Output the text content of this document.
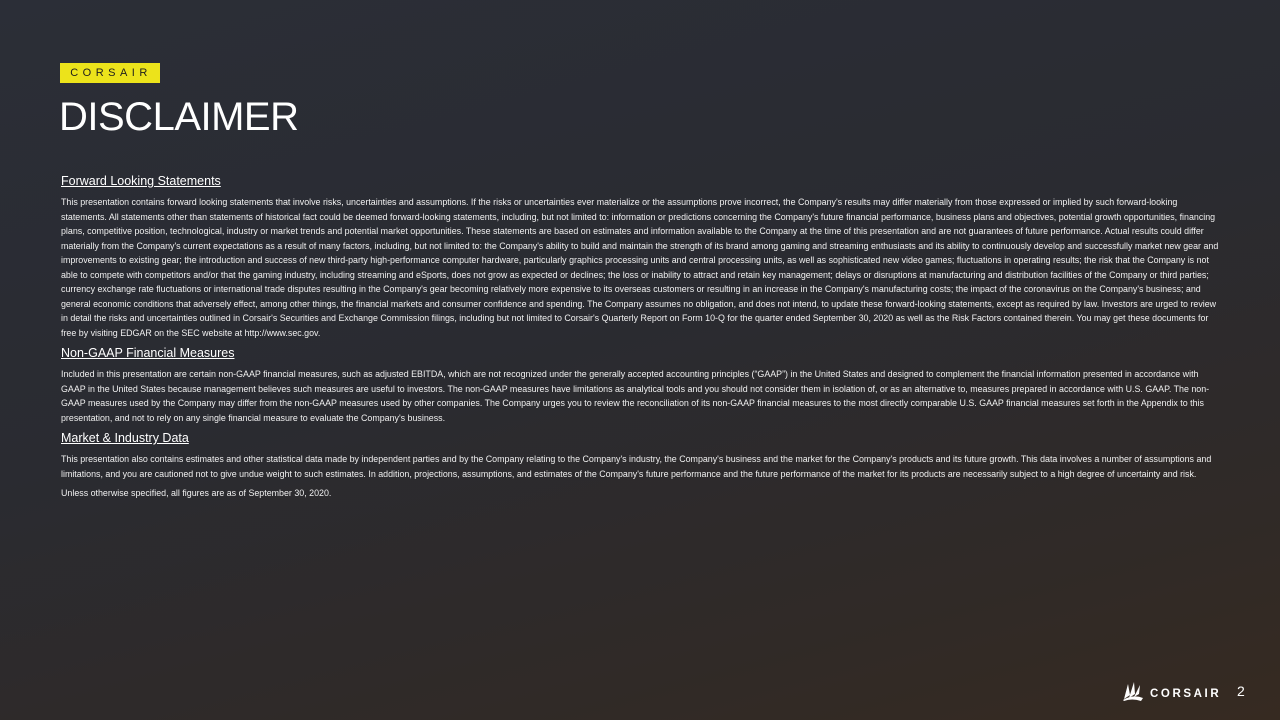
CORSAIR
DISCLAIMER

Forward Looking Statements

This presentation contains forward looking statements that involve risks, uncertainties and assumptions. If the risks or uncertainties ever materialize or the assumptions prove incorrect, the Company's results may differ materially from those expressed or implied by such forward-looking statements. All statements other than statements of historical fact could be deemed forward-looking statements, including, but not limited to: information or predictions concerning the Company's future financial performance, business plans and objectives, potential growth opportunities, financing plans, competitive position, technological, industry or market trends and potential market opportunities. These statements are based on estimates and information available to the Company at the time of this presentation and are not guarantees of future performance. Actual results could differ materially from the Company's current expectations as a result of many factors, including, but not limited to: the Company's ability to build and maintain the strength of its brand among gaming and streaming enthusiasts and its ability to continuously develop and successfully market new gear and improvements to existing gear; the introduction and success of new third-party high-performance computer hardware, particularly graphics processing units and central processing units, as well as sophisticated new video games; fluctuations in operating results; the risk that the Company is not able to compete with competitors and/or that the gaming industry, including streaming and eSports, does not grow as expected or declines; the loss or inability to attract and retain key management; delays or disruptions at manufacturing and distribution facilities of the Company or third parties; currency exchange rate fluctuations or international trade disputes resulting in the Company's gear becoming relatively more expensive to its overseas customers or resulting in an increase in the Company's manufacturing costs; the impact of the coronavirus on the Company's business; and general economic conditions that adversely effect, among other things, the financial markets and consumer confidence and spending. The Company assumes no obligation, and does not intend, to update these forward-looking statements, except as required by law. Investors are urged to review in detail the risks and uncertainties outlined in Corsair's Securities and Exchange Commission filings, including but not limited to Corsair's Quarterly Report on Form 10-Q for the quarter ended September 30, 2020 as well as the Risk Factors contained therein. You may get these documents for free by visiting EDGAR on the SEC website at http://www.sec.gov.

Non-GAAP Financial Measures

Included in this presentation are certain non-GAAP financial measures, such as adjusted EBITDA, which are not recognized under the generally accepted accounting principles (“GAAP”) in the United States and designed to complement the financial information presented in accordance with GAAP in the United States because management believes such measures are useful to investors. The non-GAAP measures have limitations as analytical tools and you should not consider them in isolation of, or as an alternative to, measures prepared in accordance with U.S. GAAP. The non-GAAP measures used by the Company may differ from the non-GAAP measures used by other companies. The Company urges you to review the reconciliation of its non-GAAP financial measures to the most directly comparable U.S. GAAP financial measures set forth in the Appendix to this presentation, and not to rely on any single financial measure to evaluate the Company's business.

Market & Industry Data

This presentation also contains estimates and other statistical data made by independent parties and by the Company relating to the Company's industry, the Company's business and the market for the Company's products and its future growth. This data involves a number of assumptions and limitations, and you are cautioned not to give undue weight to such estimates. In addition, projections, assumptions, and estimates of the Company's future performance and the future performance of the market for its products are necessarily subject to a high degree of uncertainty and risk.

Unless otherwise specified, all figures are as of September 30, 2020.

CORSAIR 2
